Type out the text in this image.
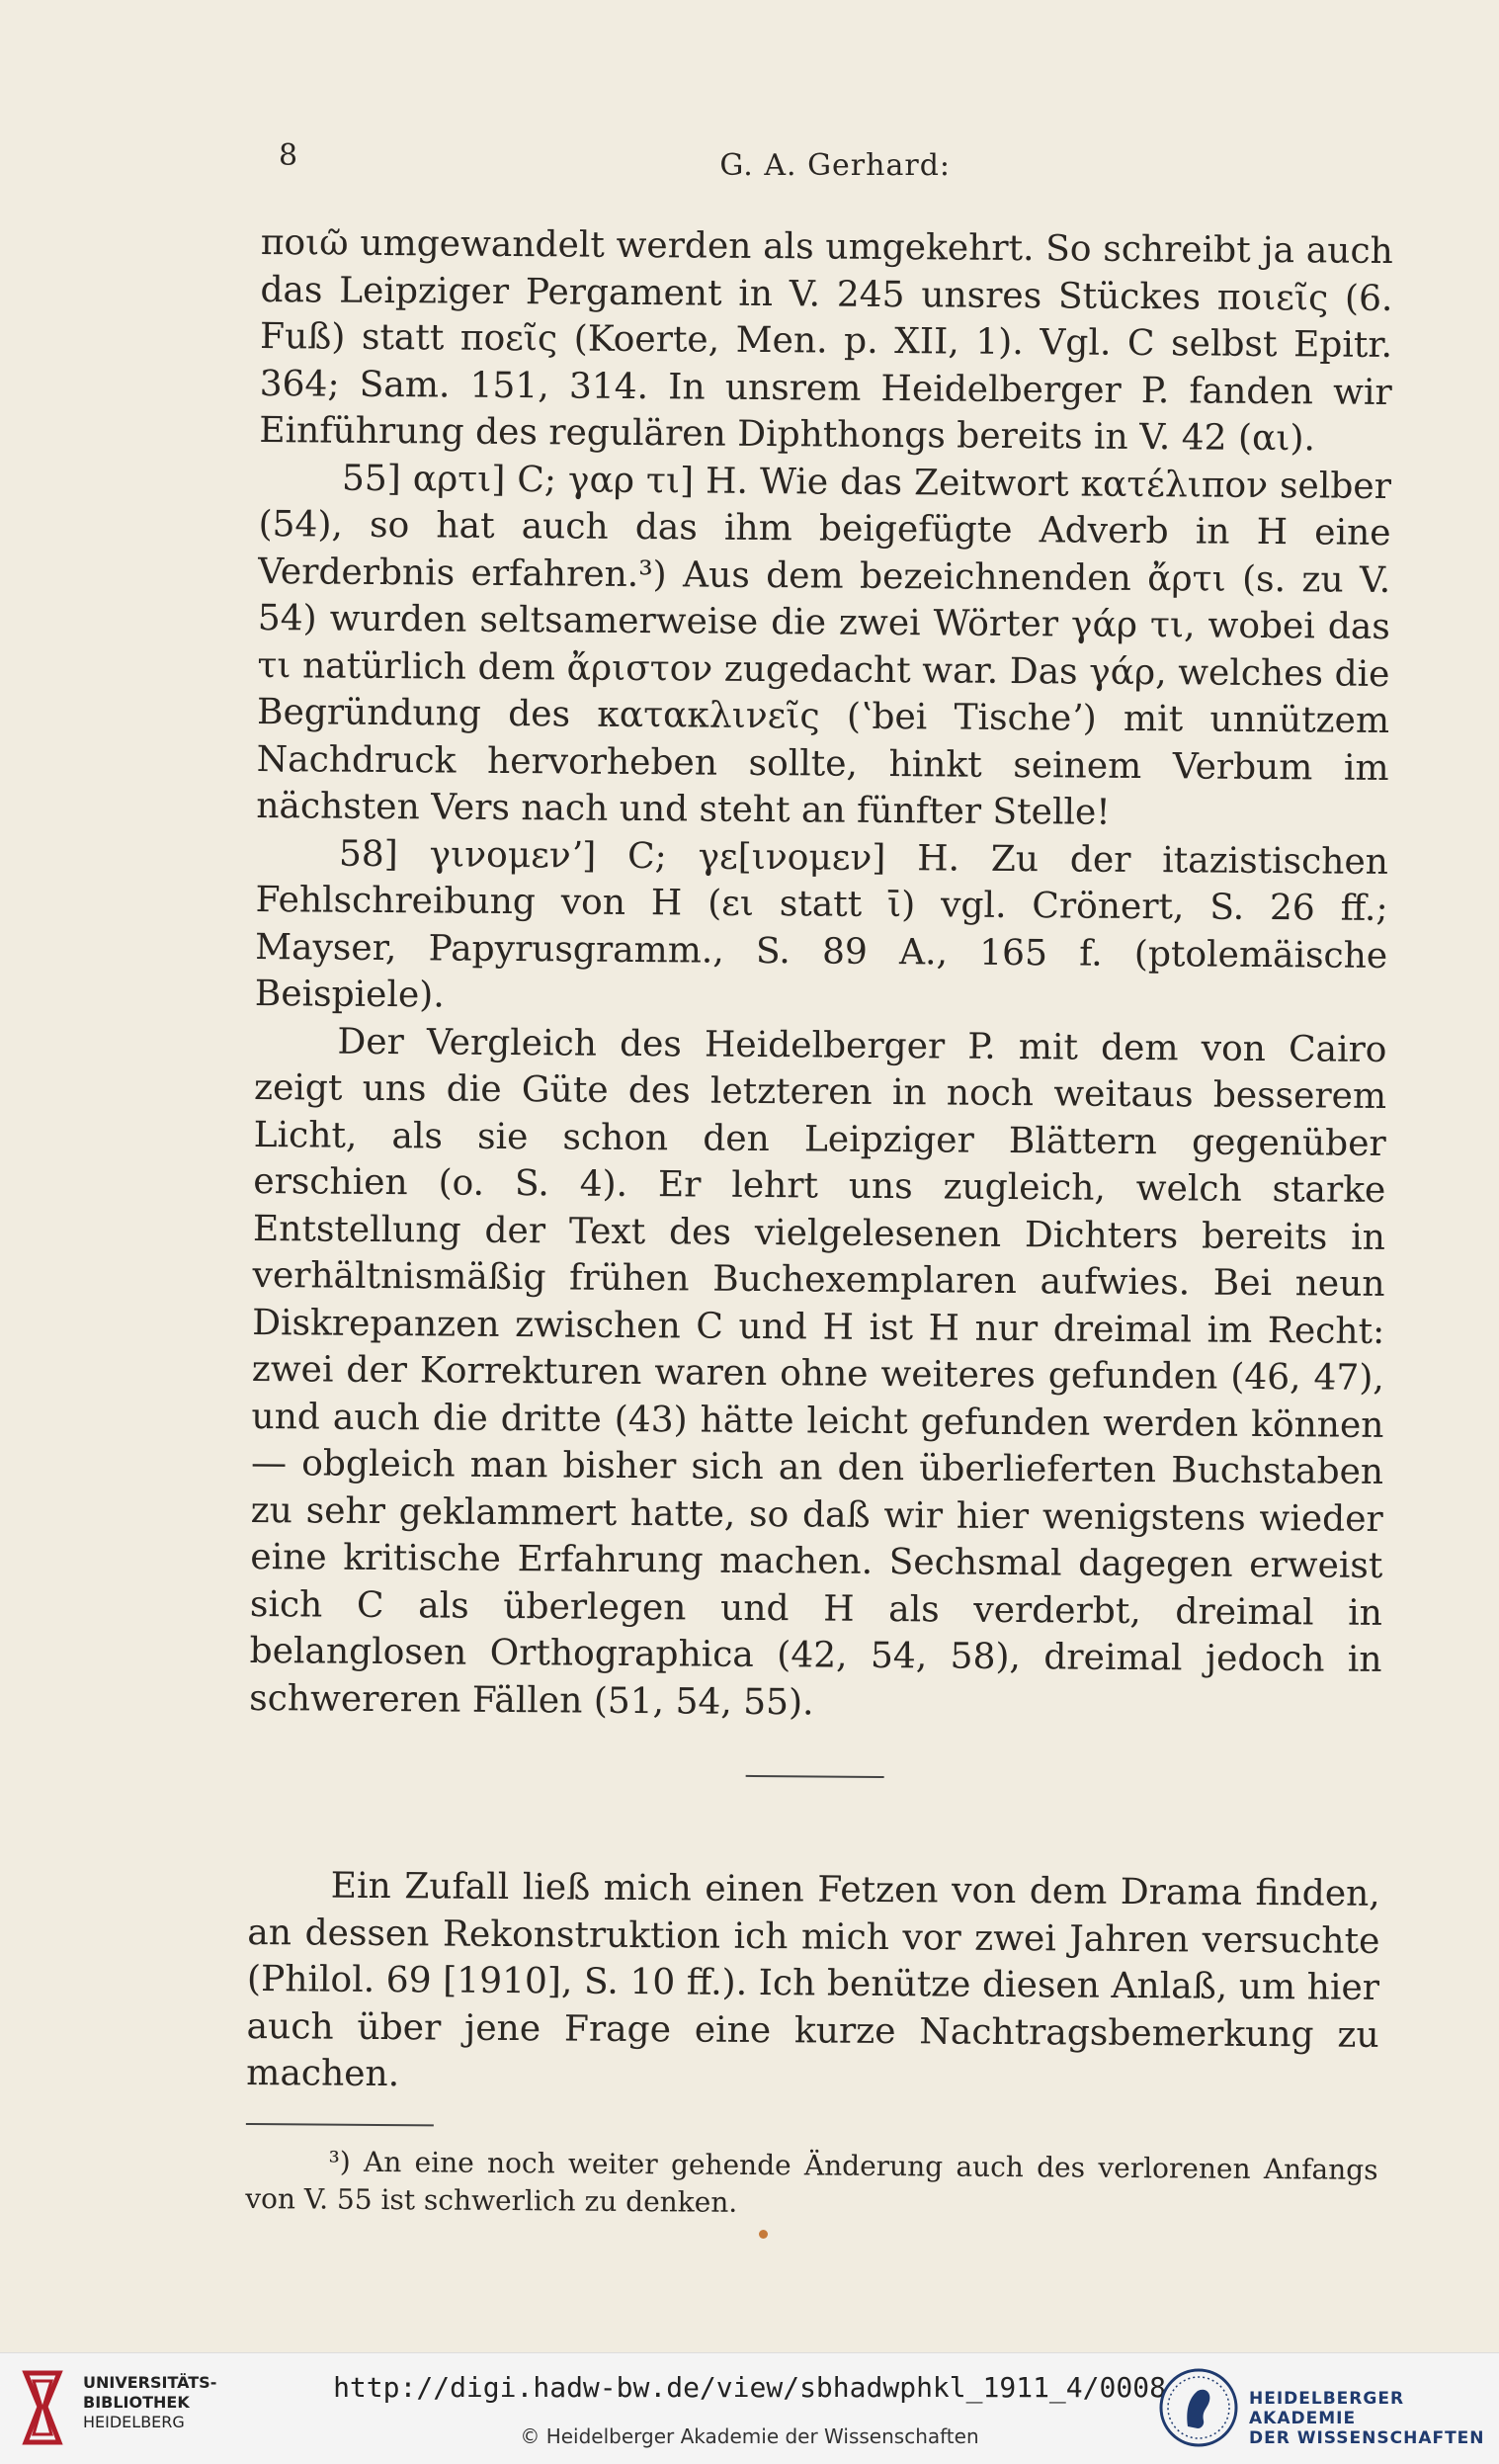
8	G. A. Gerhard:

ποιῶ umgewandelt werden als umgekehrt. So schreibt ja auch das Leipziger Pergament in V. 245 unsres Stückes ποιεῖς (6. Fuß) statt ποεῖς (Koerte, Men. p. XII, 1). Vgl. C selbst Epitr. 364; Sam. 151, 314. In unsrem Heidelberger P. fanden wir Einführung des regulären Diphthongs bereits in V. 42 (αι).

55] αρτι] C; γαρ τι] H. Wie das Zeitwort κατέλιπον selber (54), so hat auch das ihm beigefügte Adverb in H eine Verderbnis erfahren.³) Aus dem bezeichnenden ἄρτι (s. zu V. 54) wurden seltsamerweise die zwei Wörter γάρ τι, wobei das τι natürlich dem ἄριστον zugedacht war. Das γάρ, welches die Begründung des κατακλινεῖς (ʽbei Tischeʼ) mit unnützem Nachdruck hervorheben sollte, hinkt seinem Verbum im nächsten Vers nach und steht an fünfter Stelle!

58] γινομενʼ] C; γε[ινομεν] H. Zu der itazistischen Fehlschreibung von H (ει statt ῑ) vgl. Crönert, S. 26 ff.; Mayser, Papyrusgramm., S. 89 A., 165 f. (ptolemäische Beispiele).

Der Vergleich des Heidelberger P. mit dem von Cairo zeigt uns die Güte des letzteren in noch weitaus besserem Licht, als sie schon den Leipziger Blättern gegenüber erschien (o. S. 4). Er lehrt uns zugleich, welch starke Entstellung der Text des vielgelesenen Dichters bereits in verhältnismäßig frühen Buchexemplaren aufwies. Bei neun Diskrepanzen zwischen C und H ist H nur dreimal im Recht: zwei der Korrekturen waren ohne weiteres gefunden (46, 47), und auch die dritte (43) hätte leicht gefunden werden können — obgleich man bisher sich an den überlieferten Buchstaben zu sehr geklammert hatte, so daß wir hier wenigstens wieder eine kritische Erfahrung machen. Sechsmal dagegen erweist sich C als überlegen und H als verderbt, dreimal in belanglosen Orthographica (42, 54, 58), dreimal jedoch in schwereren Fällen (51, 54, 55).

Ein Zufall ließ mich einen Fetzen von dem Drama finden, an dessen Rekonstruktion ich mich vor zwei Jahren versuchte (Philol. 69 [1910], S. 10 ff.). Ich benütze diesen Anlaß, um hier auch über jene Frage eine kurze Nachtragsbemerkung zu machen.

³) An eine noch weiter gehende Änderung auch des verlorenen Anfangs von V. 55 ist schwerlich zu denken.

UNIVERSITÄTS-
BIBLIOTHEK
HEIDELBERG
http://digi.hadw-bw.de/view/sbhadwphkl_1911_4/0008
© Heidelberger Akademie der Wissenschaften
HEIDELBERGER AKADEMIE
DER WISSENSCHAFTEN
